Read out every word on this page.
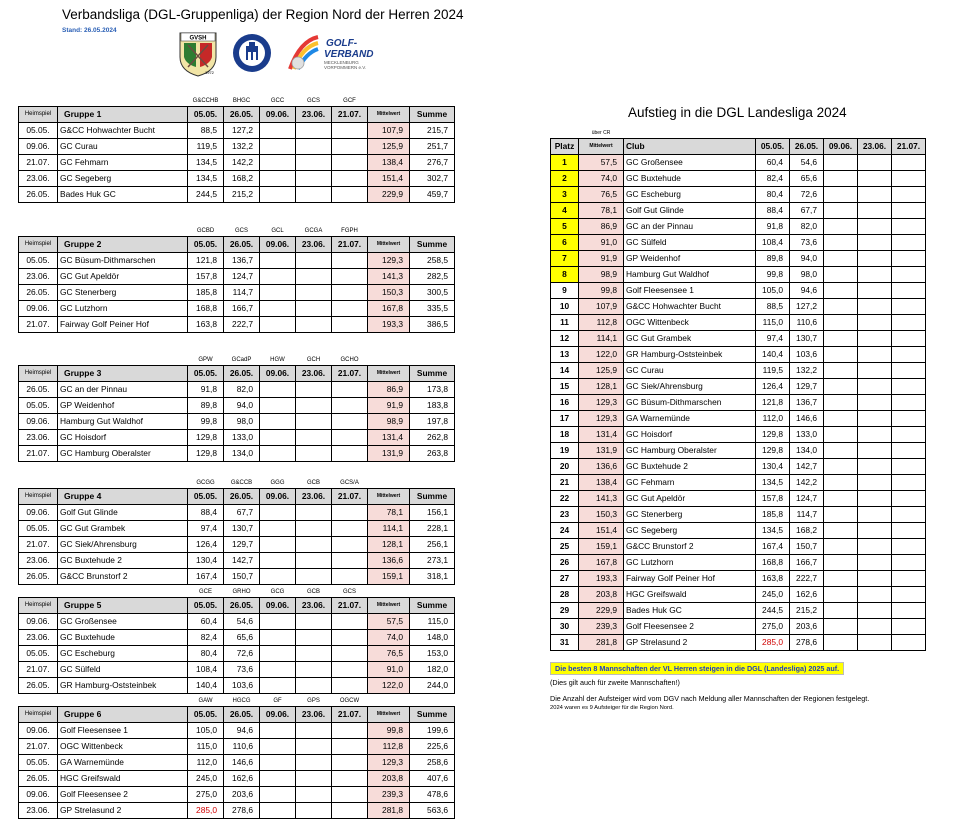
Verbandsliga (DGL-Gruppenliga) der Region Nord der Herren 2024
Stand: 26.05.2024
GVSH
1972
GOLF-
VERBAND
MECKLENBURG
VORPOMMERN e.V.
		G&CCHB	BHGC	GCC	GCS	GCF		
Heimspiel	Gruppe 1	05.05.	26.05.	09.06.	23.06.	21.07.	Mittelwert	Summe
05.05.	G&CC Hohwachter Bucht	88,5	127,2				107,9	215,7
09.06.	GC Curau	119,5	132,2				125,9	251,7
21.07.	GC Fehmarn	134,5	142,2				138,4	276,7
23.06.	GC Segeberg	134,5	168,2				151,4	302,7
26.05.	Bades Huk GC	244,5	215,2				229,9	459,7
		GCBD	GCS	GCL	GCGA	FGPH		
Heimspiel	Gruppe 2	05.05.	26.05.	09.06.	23.06.	21.07.	Mittelwert	Summe
05.05.	GC Büsum-Dithmarschen	121,8	136,7				129,3	258,5
23.06.	GC Gut Apeldör	157,8	124,7				141,3	282,5
26.05.	GC Stenerberg	185,8	114,7				150,3	300,5
09.06.	GC Lutzhorn	168,8	166,7				167,8	335,5
21.07.	Fairway Golf Peiner Hof	163,8	222,7				193,3	386,5
		GPW	GCadP	HGW	GCH	GCHO		
Heimspiel	Gruppe 3	05.05.	26.05.	09.06.	23.06.	21.07.	Mittelwert	Summe
26.05.	GC an der Pinnau	91,8	82,0				86,9	173,8
05.05.	GP Weidenhof	89,8	94,0				91,9	183,8
09.06.	Hamburg Gut Waldhof	99,8	98,0				98,9	197,8
23.06.	GC Hoisdorf	129,8	133,0				131,4	262,8
21.07.	GC Hamburg Oberalster	129,8	134,0				131,9	263,8
		GCGG	G&CCB	GGG	GCB	GCS/A		
Heimspiel	Gruppe 4	05.05.	26.05.	09.06.	23.06.	21.07.	Mittelwert	Summe
09.06.	Golf Gut Glinde	88,4	67,7				78,1	156,1
05.05.	GC Gut Grambek	97,4	130,7				114,1	228,1
21.07.	GC Siek/Ahrensburg	126,4	129,7				128,1	256,1
23.06.	GC Buxtehude 2	130,4	142,7				136,6	273,1
26.05.	G&CC Brunstorf 2	167,4	150,7				159,1	318,1
		GCE	GRHO	GCG	GCB	GCS		
Heimspiel	Gruppe 5	05.05.	26.05.	09.06.	23.06.	21.07.	Mittelwert	Summe
09.06.	GC Großensee	60,4	54,6				57,5	115,0
23.06.	GC Buxtehude	82,4	65,6				74,0	148,0
05.05.	GC Escheburg	80,4	72,6				76,5	153,0
21.07.	GC Sülfeld	108,4	73,6				91,0	182,0
26.05.	GR Hamburg-Oststeinbek	140,4	103,6				122,0	244,0
		GAW	HGCG	GF	GPS	OGCW		
Heimspiel	Gruppe 6	05.05.	26.05.	09.06.	23.06.	21.07.	Mittelwert	Summe
09.06.	Golf Fleesensee 1	105,0	94,6				99,8	199,6
21.07.	OGC Wittenbeck	115,0	110,6				112,8	225,6
05.05.	GA Warnemünde	112,0	146,6				129,3	258,6
26.05.	HGC Greifswald	245,0	162,6				203,8	407,6
09.06.	Golf Fleesensee 2	275,0	203,6				239,3	478,6
23.06.	GP Strelasund 2	285,0	278,6				281,8	563,6
Aufstieg in die DGL Landesliga 2024
	über CR						
Platz	Mittelwert	Club	05.05.	26.05.	09.06.	23.06.	21.07.
1	57,5	GC Großensee	60,4	54,6			
2	74,0	GC Buxtehude	82,4	65,6			
3	76,5	GC Escheburg	80,4	72,6			
4	78,1	Golf Gut Glinde	88,4	67,7			
5	86,9	GC an der Pinnau	91,8	82,0			
6	91,0	GC Sülfeld	108,4	73,6			
7	91,9	GP Weidenhof	89,8	94,0			
8	98,9	Hamburg Gut Waldhof	99,8	98,0			
9	99,8	Golf Fleesensee 1	105,0	94,6			
10	107,9	G&CC Hohwachter Bucht	88,5	127,2			
11	112,8	OGC Wittenbeck	115,0	110,6			
12	114,1	GC Gut Grambek	97,4	130,7			
13	122,0	GR Hamburg-Oststeinbek	140,4	103,6			
14	125,9	GC Curau	119,5	132,2			
15	128,1	GC Siek/Ahrensburg	126,4	129,7			
16	129,3	GC Büsum-Dithmarschen	121,8	136,7			
17	129,3	GA Warnemünde	112,0	146,6			
18	131,4	GC Hoisdorf	129,8	133,0			
19	131,9	GC Hamburg Oberalster	129,8	134,0			
20	136,6	GC Buxtehude 2	130,4	142,7			
21	138,4	GC Fehmarn	134,5	142,2			
22	141,3	GC Gut Apeldör	157,8	124,7			
23	150,3	GC Stenerberg	185,8	114,7			
24	151,4	GC Segeberg	134,5	168,2			
25	159,1	G&CC Brunstorf 2	167,4	150,7			
26	167,8	GC Lutzhorn	168,8	166,7			
27	193,3	Fairway Golf Peiner Hof	163,8	222,7			
28	203,8	HGC Greifswald	245,0	162,6			
29	229,9	Bades Huk GC	244,5	215,2			
30	239,3	Golf Fleesensee 2	275,0	203,6			
31	281,8	GP Strelasund 2	285,0	278,6			
Die besten 8 Mannschaften der VL Herren steigen in die DGL (Landesliga) 2025 auf.
(Dies gilt auch für zweite Mannschaften!)
Die Anzahl der Aufsteiger wird vom DGV nach Meldung aller Mannschaften der Regionen festgelegt.
2024 waren es 9 Aufsteiger für die Region Nord.
